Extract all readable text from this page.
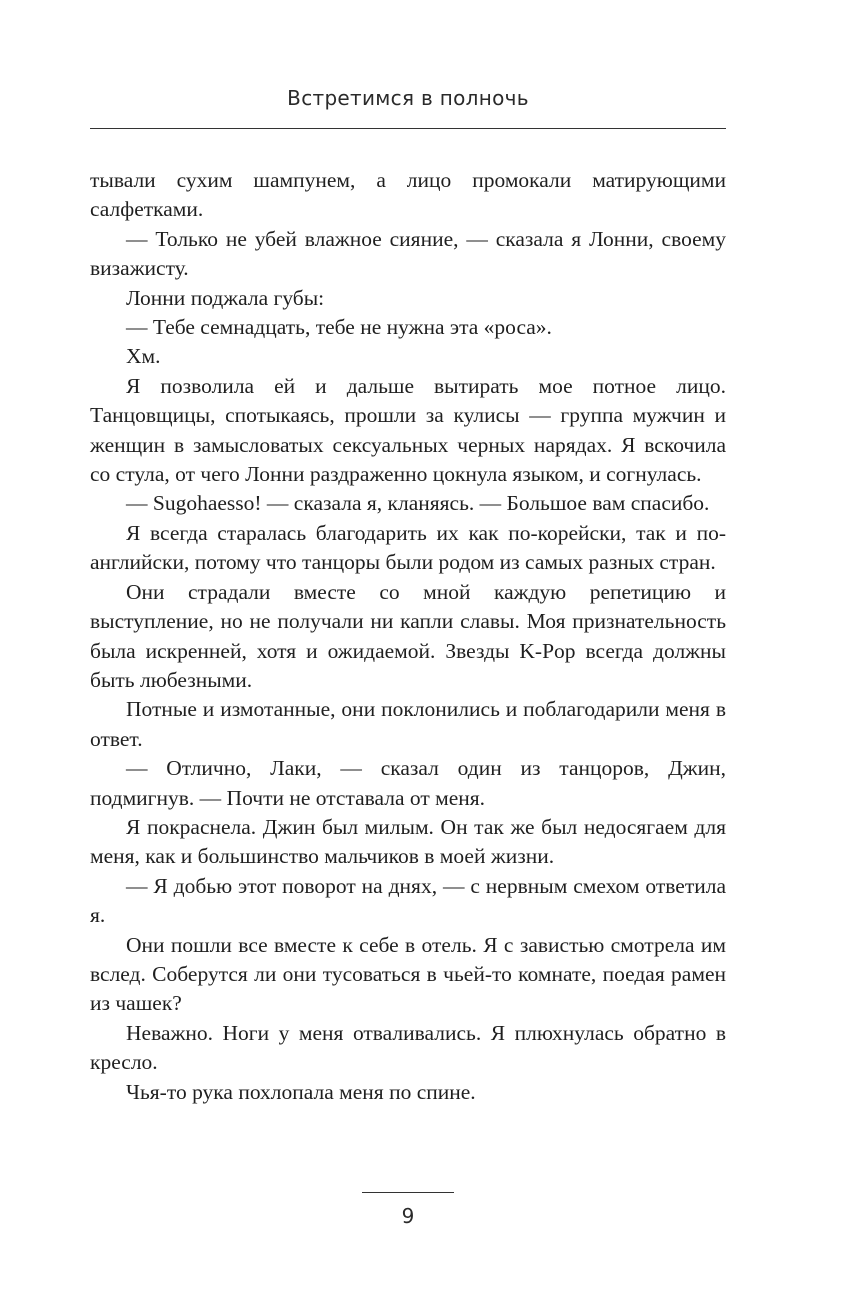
Встретимся в полночь

тывали сухим шампунем, а лицо промокали матирующими салфетками.

— Только не убей влажное сияние, — сказала я Лонни, своему визажисту.

Лонни поджала губы:

— Тебе семнадцать, тебе не нужна эта «роса».

Хм.

Я позволила ей и дальше вытирать мое потное лицо. Танцовщицы, спотыкаясь, прошли за кулисы — группа мужчин и женщин в замысловатых сексуальных черных нарядах. Я вскочила со стула, от чего Лонни раздраженно цокнула языком, и согнулась.

— Sugohaesso! — сказала я, кланяясь. — Большое вам спасибо.

Я всегда старалась благодарить их как по-корейски, так и по-английски, потому что танцоры были родом из самых разных стран.

Они страдали вместе со мной каждую репетицию и выступление, но не получали ни капли славы. Моя признательность была искренней, хотя и ожидаемой. Звезды K-Pop всегда должны быть любезными.

Потные и измотанные, они поклонились и поблагодарили меня в ответ.

— Отлично, Лаки, — сказал один из танцоров, Джин, подмигнув. — Почти не отставала от меня.

Я покраснела. Джин был милым. Он так же был недосягаем для меня, как и большинство мальчиков в моей жизни.

— Я добью этот поворот на днях, — с нервным смехом ответила я.

Они пошли все вместе к себе в отель. Я с завистью смотрела им вслед. Соберутся ли они тусоваться в чьей-то комнате, поедая рамен из чашек?

Неважно. Ноги у меня отваливались. Я плюхнулась обратно в кресло.

Чья-то рука похлопала меня по спине.

9
